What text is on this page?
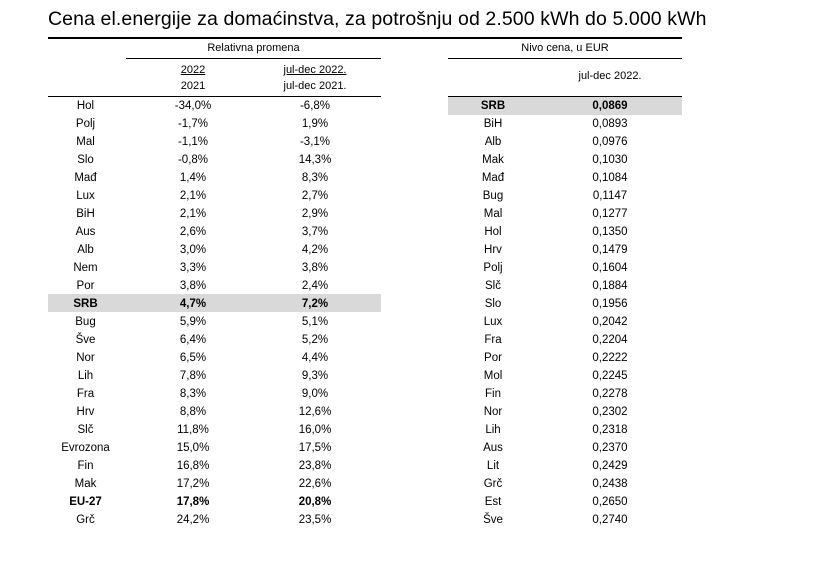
Cena el.energije za domaćinstva, za potrošnju od 2.500 kWh do 5.000 kWh
Relativna promena
2022
2021
jul-dec 2022.
jul-dec 2021.
Nivo cena, u EUR
jul-dec 2022.
Hol	-34,0%	-6,8%
Polj	-1,7%	1,9%
Mal	-1,1%	-3,1%
Slo	-0,8%	14,3%
Mađ	1,4%	8,3%
Lux	2,1%	2,7%
BiH	2,1%	2,9%
Aus	2,6%	3,7%
Alb	3,0%	4,2%
Nem	3,3%	3,8%
Por	3,8%	2,4%
SRB	4,7%	7,2%
Bug	5,9%	5,1%
Šve	6,4%	5,2%
Nor	6,5%	4,4%
Lih	7,8%	9,3%
Fra	8,3%	9,0%
Hrv	8,8%	12,6%
Slč	11,8%	16,0%
Evrozona	15,0%	17,5%
Fin	16,8%	23,8%
Mak	17,2%	22,6%
EU-27	17,8%	20,8%
Grč	24,2%	23,5%
SRB	0,0869
BiH	0,0893
Alb	0,0976
Mak	0,1030
Mađ	0,1084
Bug	0,1147
Mal	0,1277
Hol	0,1350
Hrv	0,1479
Polj	0,1604
Slč	0,1884
Slo	0,1956
Lux	0,2042
Fra	0,2204
Por	0,2222
Mol	0,2245
Fin	0,2278
Nor	0,2302
Lih	0,2318
Aus	0,2370
Lit	0,2429
Grč	0,2438
Est	0,2650
Šve	0,2740
